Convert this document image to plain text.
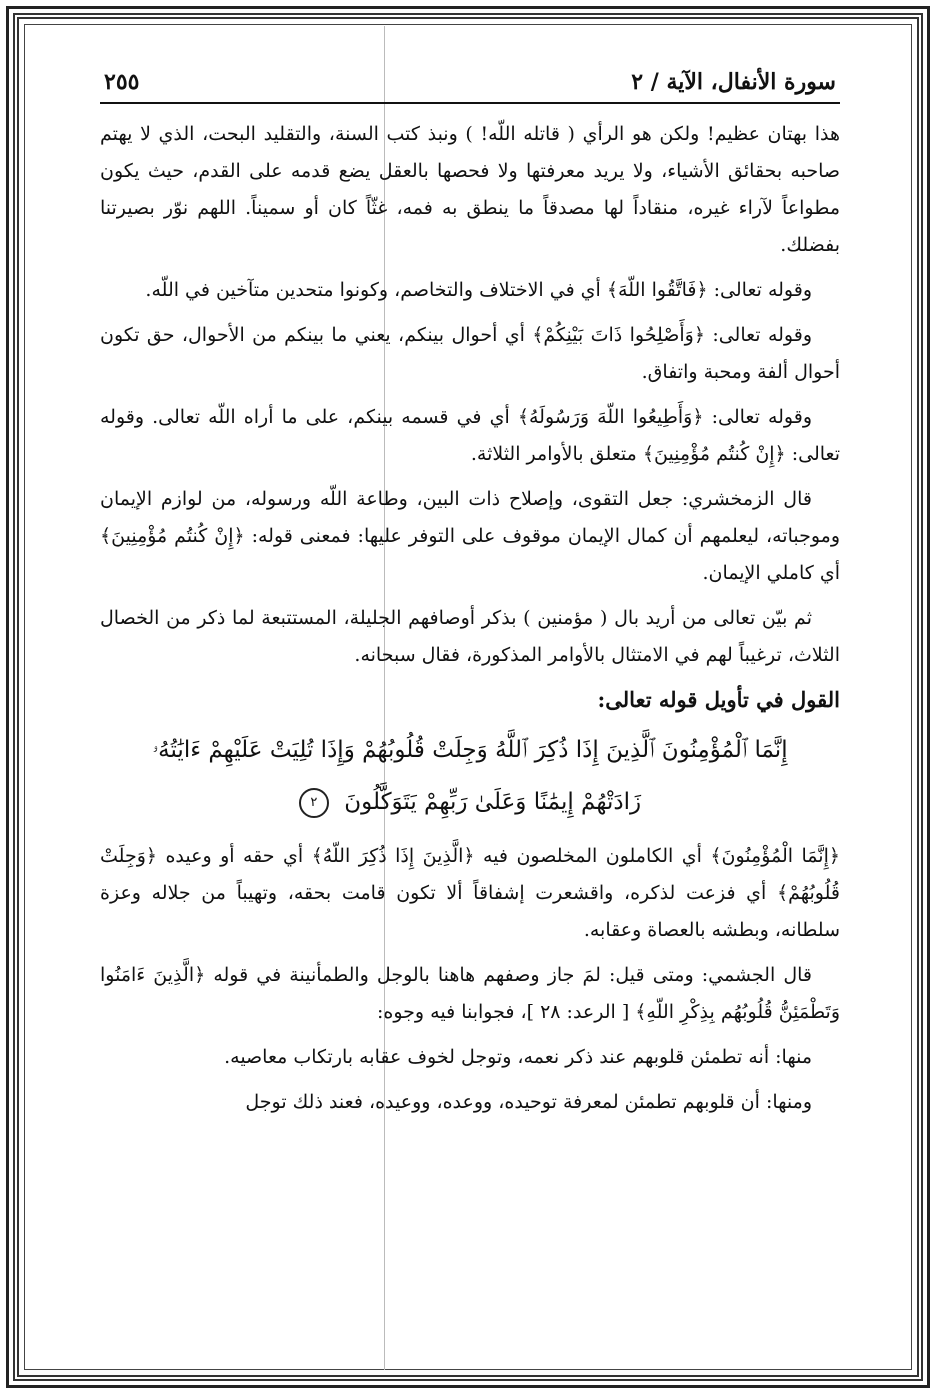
سورة الأنفال، الآية / ٢
٢٥٥

هذا بهتان عظيم! ولكن هو الرأي ( قاتله اللّه! ) ونبذ كتب السنة، والتقليد البحت، الذي لا يهتم صاحبه بحقائق الأشياء، ولا يريد معرفتها ولا فحصها بالعقل يضع قدمه على القدم، حيث يكون مطواعاً لآراء غيره، منقاداً لها مصدقاً ما ينطق به فمه، غثّاً كان أو سميناً. اللهم نوّر بصيرتنا بفضلك.

وقوله تعالى: ﴿فَاتَّقُوا اللّهَ﴾ أي في الاختلاف والتخاصم، وكونوا متحدين متآخين في اللّه.

وقوله تعالى: ﴿وَأَصْلِحُوا ذَاتَ بَيْنِكُمْ﴾ أي أحوال بينكم، يعني ما بينكم من الأحوال، حق تكون أحوال ألفة ومحبة واتفاق.

وقوله تعالى: ﴿وَأَطِيعُوا اللّهَ وَرَسُولَهُ﴾ أي في قسمه بينكم، على ما أراه اللّه تعالى. وقوله تعالى: ﴿إِنْ كُنتُم مُؤْمِنِينَ﴾ متعلق بالأوامر الثلاثة.

قال الزمخشري: جعل التقوى، وإصلاح ذات البين، وطاعة اللّه ورسوله، من لوازم الإيمان وموجباته، ليعلمهم أن كمال الإيمان موقوف على التوفر عليها: فمعنى قوله: ﴿إِنْ كُنتُم مُؤْمِنِينَ﴾ أي كاملي الإيمان.

ثم بيّن تعالى من أريد بال ( مؤمنين ) بذكر أوصافهم الجليلة، المستتبعة لما ذكر من الخصال الثلاث، ترغيباً لهم في الامتثال بالأوامر المذكورة، فقال سبحانه.

القول في تأويل قوله تعالى:
إِنَّمَا ٱلْمُؤْمِنُونَ ٱلَّذِينَ إِذَا ذُكِرَ ٱللَّهُ وَجِلَتْ قُلُوبُهُمْ وَإِذَا تُلِيَتْ عَلَيْهِمْ ءَايَٰتُهُۥ
زَادَتْهُمْ إِيمَٰنًا وَعَلَىٰ رَبِّهِمْ يَتَوَكَّلُونَ ٢

﴿إِنَّمَا الْمُؤْمِنُونَ﴾ أي الكاملون المخلصون فيه ﴿الَّذِينَ إِذَا ذُكِرَ اللّهُ﴾ أي حقه أو وعيده ﴿وَجِلَتْ قُلُوبُهُمْ﴾ أي فزعت لذكره، واقشعرت إشفاقاً ألا تكون قامت بحقه، وتهيباً من جلاله وعزة سلطانه، وبطشه بالعصاة وعقابه.

قال الجشمي: ومتى قيل: لمَ جاز وصفهم هاهنا بالوجل والطمأنينة في قوله ﴿الَّذِينَ ءَامَنُوا وَتَطْمَئِنُّ قُلُوبُهُم بِذِكْرِ اللّهِ﴾ [ الرعد: ٢٨ ]، فجوابنا فيه وجوه:

منها: أنه تطمئن قلوبهم عند ذكر نعمه، وتوجل لخوف عقابه بارتكاب معاصيه.

ومنها: أن قلوبهم تطمئن لمعرفة توحيده، ووعده، ووعيده، فعند ذلك توجل
